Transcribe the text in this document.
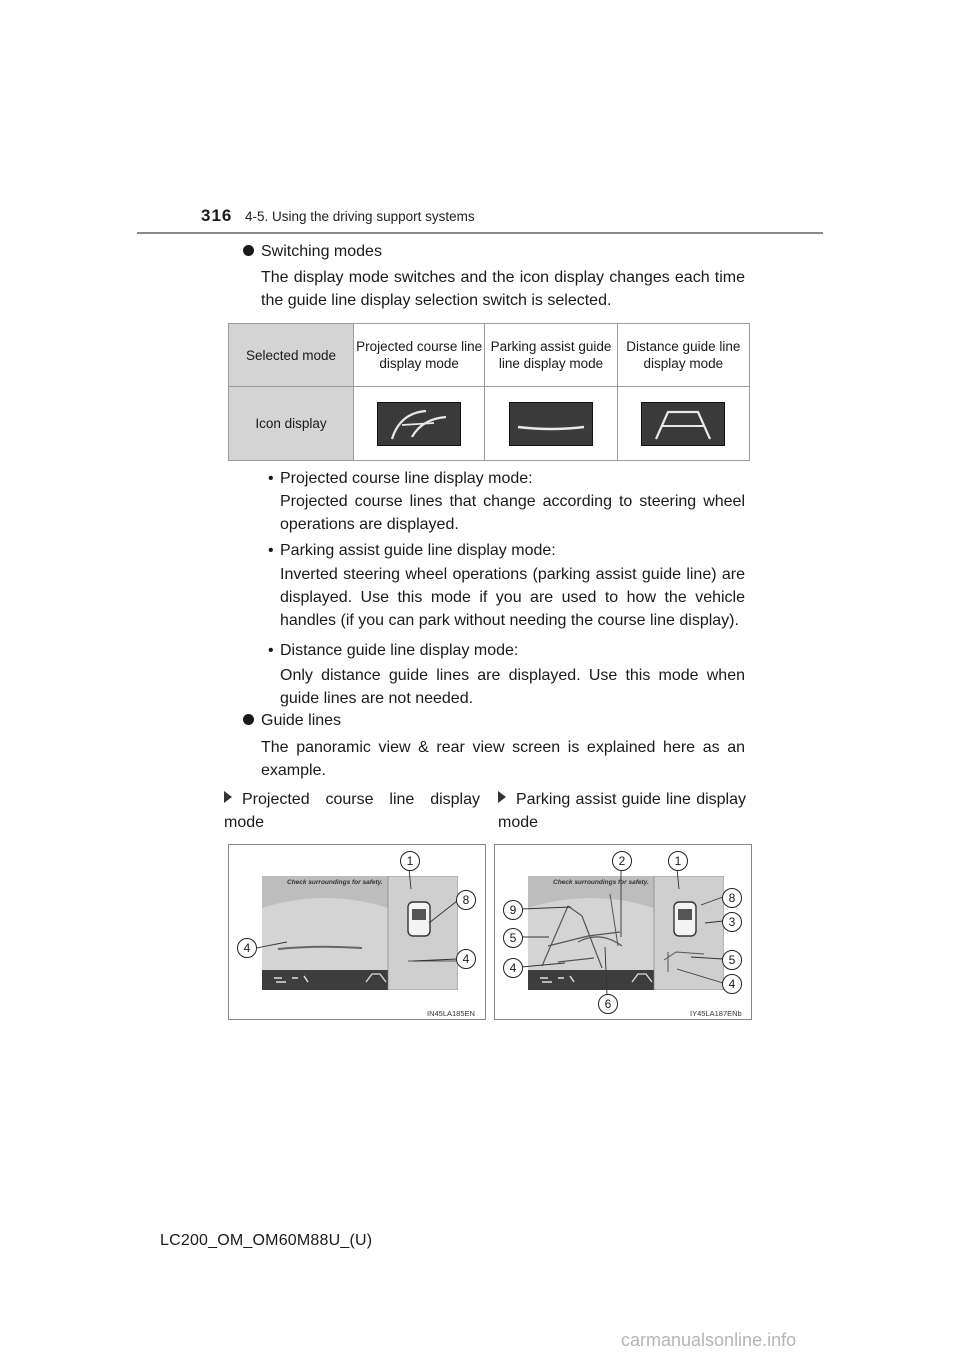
316 4-5. Using the driving support systems
Switching modes
The display mode switches and the icon display changes each time the guide line display selection switch is selected.
Selected mode	Projected course line display mode	Parking assist guide line display mode	Distance guide line display mode
Icon display			
• Projected course line display mode:
Projected course lines that change according to steering wheel operations are displayed.
• Parking assist guide line display mode:
Inverted steering wheel operations (parking assist guide line) are displayed. Use this mode if you are used to how the vehicle handles (if you can park without needing the course line display).
• Distance guide line display mode:
Only distance guide lines are displayed. Use this mode when guide lines are not needed.
Guide lines
The panoramic view & rear view screen is explained here as an example.
Projected course line display mode
Parking assist guide line display mode
Check surroundings for safety.
1
8
4
4
IN45LA185EN
Check surroundings for safety.
2	1
8
9
3
5
5
4
4
6
IY45LA187ENb
LC200_OM_OM60M88U_(U)
carmanualsonline.info
